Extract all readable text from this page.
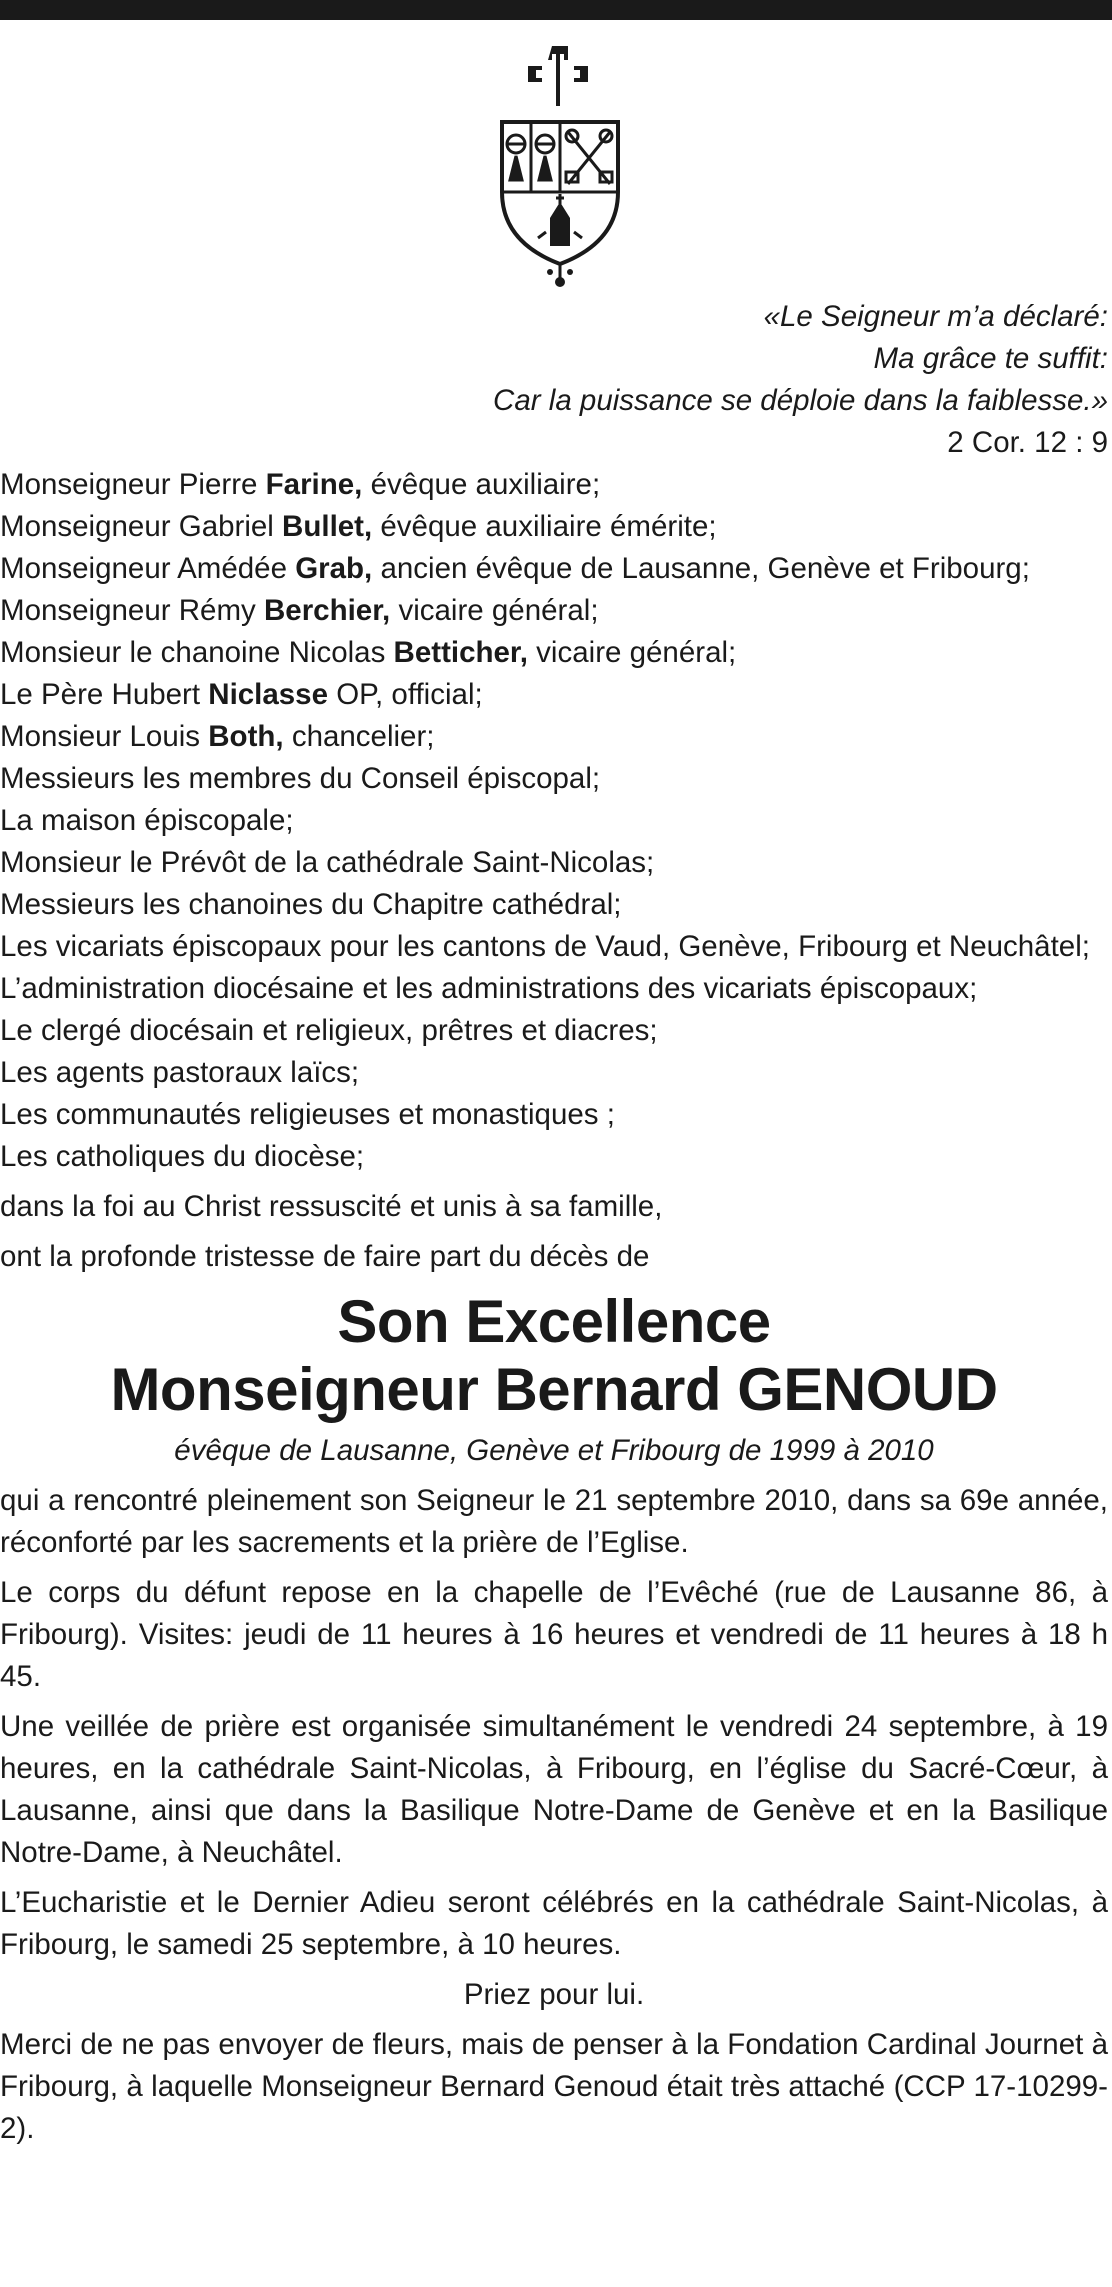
«Le Seigneur m’a déclaré:
Ma grâce te suffit:
Car la puissance se déploie dans la faiblesse.»
2 Cor. 12 : 9
Monseigneur Pierre Farine, évêque auxiliaire;
Monseigneur Gabriel Bullet, évêque auxiliaire émérite;
Monseigneur Amédée Grab, ancien évêque de Lausanne, Genève et Fribourg;
Monseigneur Rémy Berchier, vicaire général;
Monsieur le chanoine Nicolas Betticher, vicaire général;
Le Père Hubert Niclasse OP, official;
Monsieur Louis Both, chancelier;
Messieurs les membres du Conseil épiscopal;
La maison épiscopale;
Monsieur le Prévôt de la cathédrale Saint-Nicolas;
Messieurs les chanoines du Chapitre cathédral;
Les vicariats épiscopaux pour les cantons de Vaud, Genève, Fribourg et Neuchâtel;
L’administration diocésaine et les administrations des vicariats épiscopaux;
Le clergé diocésain et religieux, prêtres et diacres;
Les agents pastoraux laïcs;
Les communautés religieuses et monastiques ;
Les catholiques du diocèse;
dans la foi au Christ ressuscité et unis à sa famille,
ont la profonde tristesse de faire part du décès de
Son Excellence
Monseigneur Bernard GENOUD
évêque de Lausanne, Genève et Fribourg de 1999 à 2010
qui a rencontré pleinement son Seigneur le 21 septembre 2010, dans sa 69e année, réconforté par les sacrements et la prière de l’Eglise.
Le corps du défunt repose en la chapelle de l’Evêché (rue de Lausanne 86, à Fribourg). Visites: jeudi de 11 heures à 16 heures et vendredi de 11 heures à 18 h 45.
Une veillée de prière est organisée simultanément le vendredi 24 septembre, à 19 heures, en la cathédrale Saint-Nicolas, à Fribourg, en l’église du Sacré-Cœur, à Lausanne, ainsi que dans la Basilique Notre-Dame de Genève et en la Basilique Notre-Dame, à Neuchâtel.
L’Eucharistie et le Dernier Adieu seront célébrés en la cathédrale Saint-Nicolas, à Fribourg, le samedi 25 septembre, à 10 heures.
Priez pour lui.
Merci de ne pas envoyer de fleurs, mais de penser à la Fondation Cardinal Journet à Fribourg, à laquelle Monseigneur Bernard Genoud était très attaché (CCP 17-10299-2).
